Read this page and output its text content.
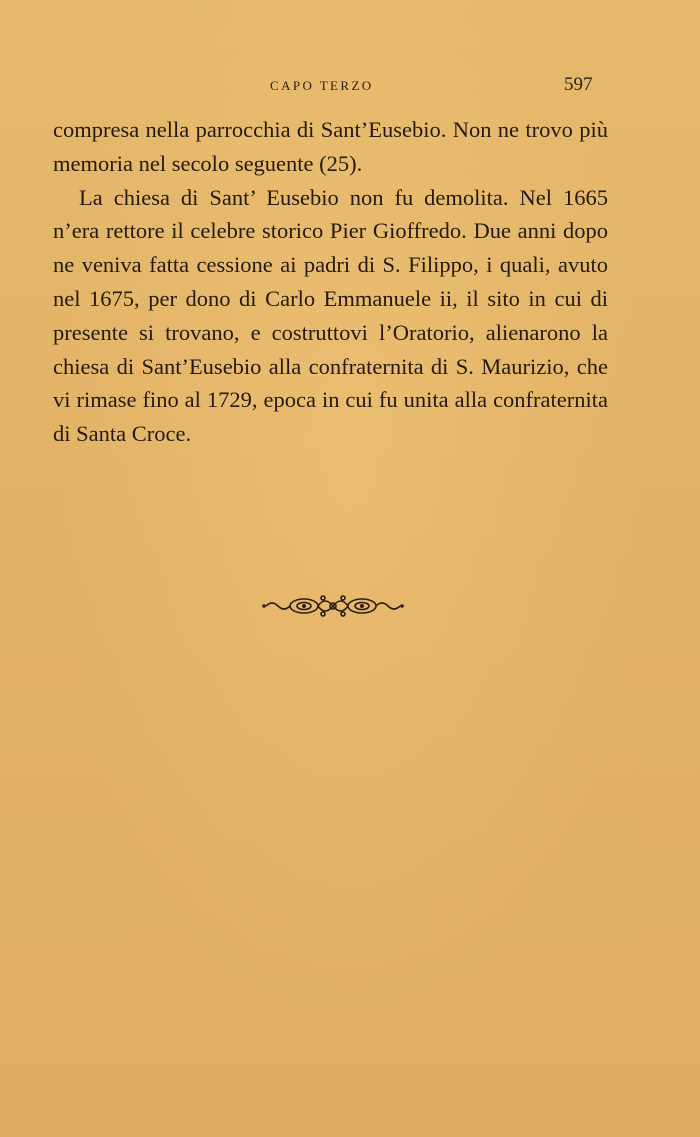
CAPO TERZO	597

compresa nella parrocchia di Sant’Eusebio. Non ne trovo più memoria nel secolo seguente (25).

La chiesa di Sant’ Eusebio non fu demolita. Nel 1665 n’era rettore il celebre storico Pier Gioffredo. Due anni dopo ne veniva fatta cessione ai padri di S. Filippo, i quali, avuto nel 1675, per dono di Carlo Emmanuele ii, il sito in cui di presente si trovano, e costruttovi l’Oratorio, alienarono la chiesa di Sant’Eusebio alla confraternita di S. Maurizio, che vi rimase fino al 1729, epoca in cui fu unita alla confraternita di Santa Croce.
